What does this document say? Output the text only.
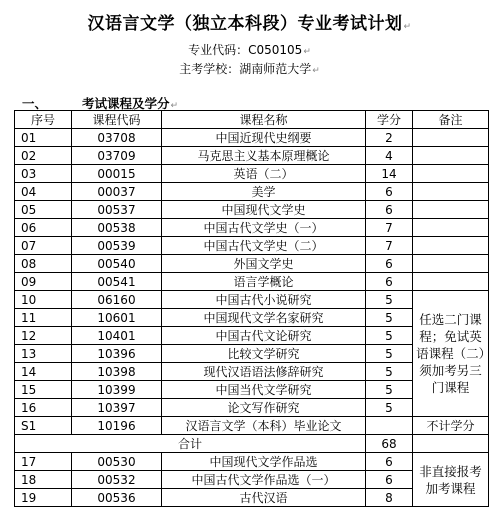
汉语言文学（独立本科段）专业考试计划↵
专业代码：C050105↵
主考学校：湖南师范大学↵
一、	考试课程及学分↵
序号	课程代码	课程名称	学分	备注
01	03708	中国近现代史纲要	2	
02	03709	马克思主义基本原理概论	4	
03	00015	英语（二）	14	
04	00037	美学	6	
05	00537	中国现代文学史	6	
06	00538	中国古代文学史（一）	7	
07	00539	中国古代文学史（二）	7	
08	00540	外国文学史	6	
09	00541	语言学概论	6	
10	06160	中国古代小说研究	5	任选二门课程；免试英语课程（二）须加考另三门课程
11	10601	中国现代文学名家研究	5	
12	10401	中国古代文论研究	5	
13	10396	比较文学研究	5	
14	10398	现代汉语语法修辞研究	5	
15	10399	中国当代文学研究	5	
16	10397	论文写作研究	5	
S1	10196	汉语言文学（本科）毕业论文		不计学分
合计			68	
17	00530	中国现代文学作品选	6	非直接报考加考课程
18	00532	中国古代文学作品选（一）	6	
19	00536	古代汉语	8	
